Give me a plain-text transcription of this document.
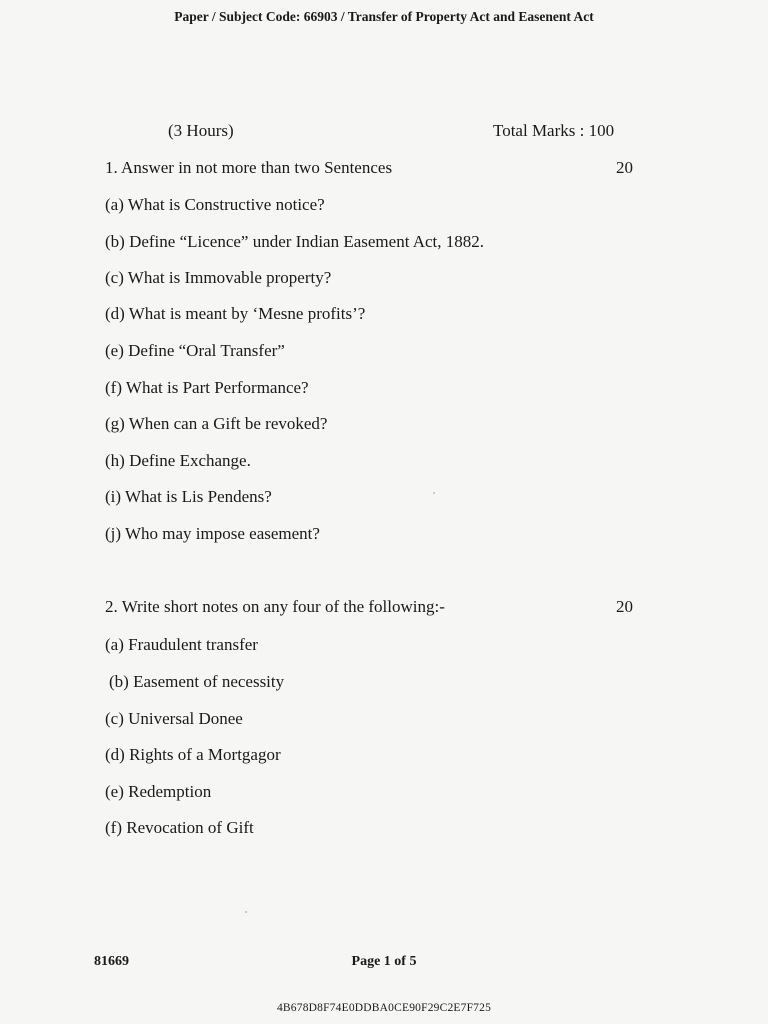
Paper / Subject Code: 66903 / Transfer of Property Act and Easenent Act
(3 Hours)	Total Marks : 100
1. Answer in not more than two Sentences	20
(a) What is Constructive notice?
(b) Define “Licence” under Indian Easement Act, 1882.
(c) What is Immovable property?
(d) What is meant by ‘Mesne profits’?
(e) Define “Oral Transfer”
(f) What is Part Performance?
(g) When can a Gift be revoked?
(h) Define Exchange.
(i) What is Lis Pendens?
(j) Who may impose easement?
2. Write short notes on any four of the following:-	20
(a) Fraudulent transfer
(b) Easement of necessity
(c) Universal Donee
(d) Rights of a Mortgagor
(e) Redemption
(f) Revocation of Gift
81669	Page 1 of 5
4B678D8F74E0DDBA0CE90F29C2E7F725
